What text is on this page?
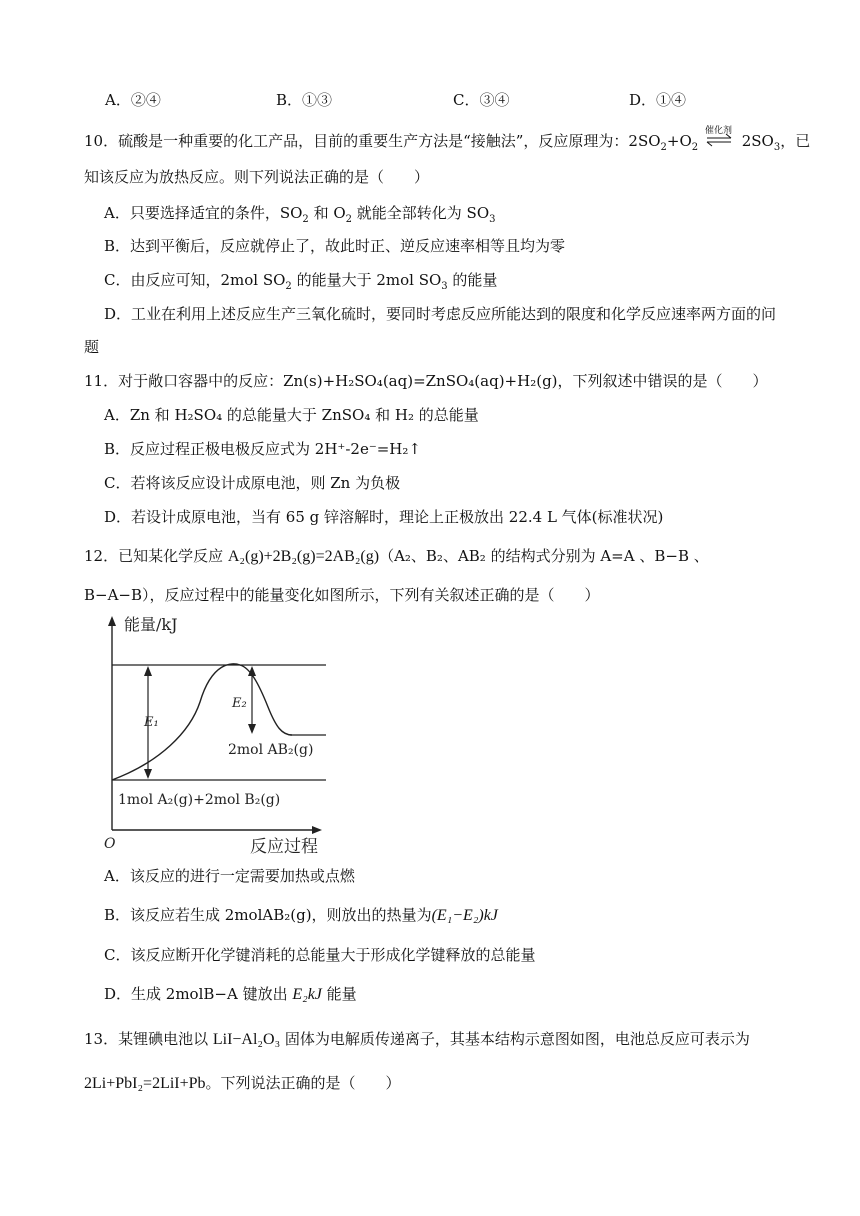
A．②④	B．①③	C．③④	D．①④
10．硫酸是一种重要的化工产品，目前的重要生产方法是“接触法”，反应原理为：$2SO_2+O_2$
催化剂
$2SO_3$，已
知该反应为放热反应。则下列说法正确的是（　　）
A．只要选择适宜的条件，$SO_2$ 和 $O_2$ 就能全部转化为 $SO_3$
B．达到平衡后，反应就停止了，故此时正、逆反应速率相等且均为零
C．由反应可知，2mol $SO_2$ 的能量大于 2mol $SO_3$ 的能量
D．工业在利用上述反应生产三氧化硫时，要同时考虑反应所能达到的限度和化学反应速率两方面的问
题
11．对于敞口容器中的反应：Zn(s)+H₂SO₄(aq)=ZnSO₄(aq)+H₂(g)，下列叙述中错误的是（　　）
A．Zn 和 H₂SO₄ 的总能量大于 ZnSO₄ 和 H₂ 的总能量
B．反应过程正极电极反应式为 2H⁺-2e⁻=H₂↑
C．若将该反应设计成原电池，则 Zn 为负极
D．若设计成原电池，当有 65 g 锌溶解时，理论上正极放出 22.4 L 气体(标准状况)
12．已知某化学反应 A₂(g)+2B₂(g)=2AB₂(g)（A₂、B₂、AB₂ 的结构式分别为 A=A 、B−B 、
B−A−B），反应过程中的能量变化如图所示，下列有关叙述正确的是（　　）
E₁
E₂
能量/kJ
反应过程
O
2mol AB₂(g)
1mol A₂(g)+2mol B₂(g)
A．该反应的进行一定需要加热或点燃
B．该反应若生成 2molAB₂(g)，则放出的热量为(E₁−E₂)kJ
C．该反应断开化学键消耗的总能量大于形成化学键释放的总能量
D．生成 2molB−A 键放出 E₂kJ 能量
13．某锂碘电池以 LiI−Al₂O₃ 固体为电解质传递离子，其基本结构示意图如图，电池总反应可表示为
2Li+PbI₂=2LiI+Pb。下列说法正确的是（　　）
